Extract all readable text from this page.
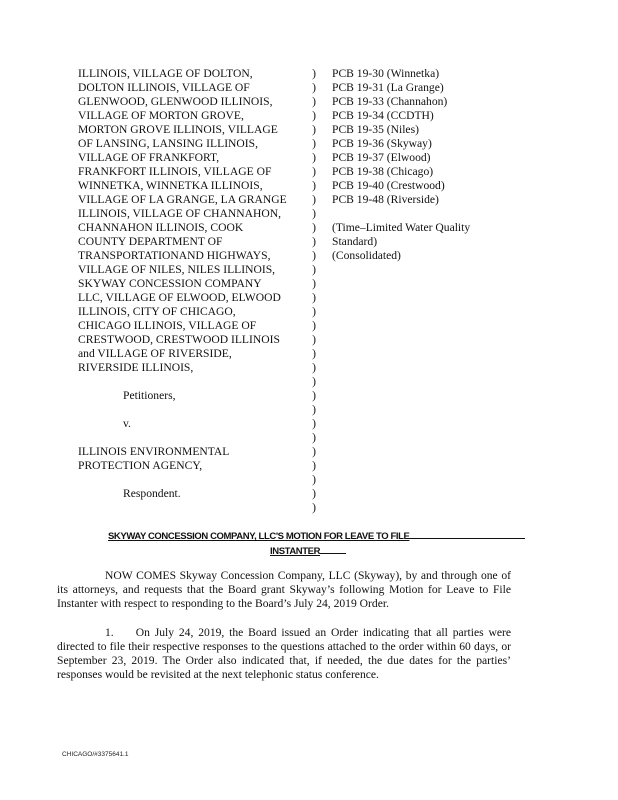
ILLINOIS, VILLAGE OF DOLTON,
DOLTON ILLINOIS, VILLAGE OF
GLENWOOD, GLENWOOD ILLINOIS,
VILLAGE OF MORTON GROVE,
MORTON GROVE ILLINOIS, VILLAGE
OF LANSING, LANSING ILLINOIS,
VILLAGE OF FRANKFORT,
FRANKFORT ILLINOIS, VILLAGE OF
WINNETKA, WINNETKA ILLINOIS,
VILLAGE OF LA GRANGE, LA GRANGE
ILLINOIS, VILLAGE OF CHANNAHON,
CHANNAHON ILLINOIS, COOK
COUNTY DEPARTMENT OF
TRANSPORTATIONAND HIGHWAYS,
VILLAGE OF NILES, NILES ILLINOIS,
SKYWAY CONCESSION COMPANY
LLC, VILLAGE OF ELWOOD, ELWOOD
ILLINOIS, CITY OF CHICAGO,
CHICAGO ILLINOIS, VILLAGE OF
CRESTWOOD, CRESTWOOD ILLINOIS
and VILLAGE OF RIVERSIDE,
RIVERSIDE ILLINOIS,
Petitioners,
v.
ILLINOIS ENVIRONMENTAL
PROTECTION AGENCY,
Respondent.
)
)
)
)
)
)
)
)
)
)
)
)
)
)
)
)
)
)
)
)
)
)
)
)
)
)
)
)
)
)
)
)
PCB 19-30 (Winnetka)
PCB 19-31 (La Grange)
PCB 19-33 (Channahon)
PCB 19-34 (CCDTH)
PCB 19-35 (Niles)
PCB 19-36 (Skyway)
PCB 19-37 (Elwood)
PCB 19-38 (Chicago)
PCB 19-40 (Crestwood)
PCB 19-48 (Riverside)
(Time–Limited Water Quality
Standard)
(Consolidated)
SKYWAY CONCESSION COMPANY, LLC'S MOTION FOR LEAVE TO FILE
INSTANTER
NOW COMES Skyway Concession Company, LLC (Skyway), by and through one of its attorneys, and requests that the Board grant Skyway’s following Motion for Leave to File Instanter with respect to responding to the Board’s July 24, 2019 Order.
1. On July 24, 2019, the Board issued an Order indicating that all parties were directed to file their respective responses to the questions attached to the order within 60 days, or September 23, 2019. The Order also indicated that, if needed, the due dates for the parties’ responses would be revisited at the next telephonic status conference.
CHICAGO/#3375641.1
